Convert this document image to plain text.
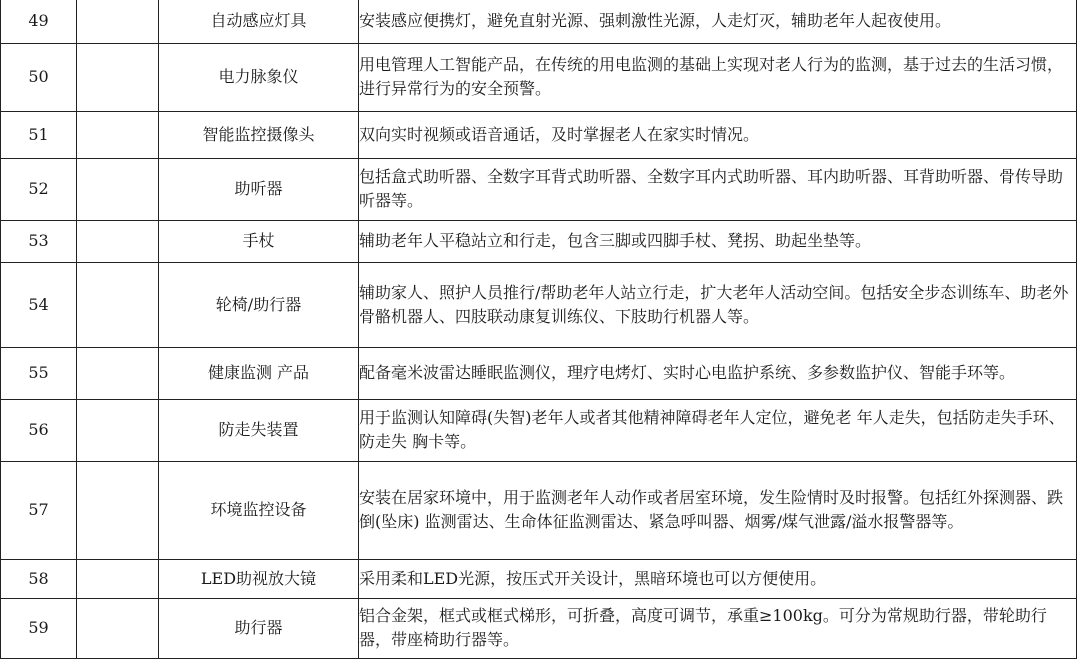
49		自动感应灯具	安装感应便携灯，避免直射光源、强刺激性光源，人走灯灭，辅助老年人起夜使用。
50		电力脉象仪	用电管理人工智能产品，在传统的用电监测的基础上实现对老人行为的监测，基于过去的生活习惯，进行异常行为的安全预警。
51		智能监控摄像头	双向实时视频或语音通话，及时掌握老人在家实时情况。
52		助听器	包括盒式助听器、全数字耳背式助听器、全数字耳内式助听器、耳内助听器、耳背助听器、骨传导助听器等。
53		手杖	辅助老年人平稳站立和行走，包含三脚或四脚手杖、凳拐、助起坐垫等。
54		轮椅/助行器	辅助家人、照护人员推行/帮助老年人站立行走，扩大老年人活动空间。包括安全步态训练车、助老外骨骼机器人、四肢联动康复训练仪、下肢助行机器人等。
55		健康监测 产品	配备毫米波雷达睡眠监测仪，理疗电烤灯、实时心电监护系统、多参数监护仪、智能手环等。
56		防走失装置	用于监测认知障碍(失智)老年人或者其他精神障碍老年人定位，避免老 年人走失，包括防走失手环、防走失 胸卡等。
57		环境监控设备	安装在居家环境中，用于监测老年人动作或者居室环境，发生险情时及时报警。包括红外探测器、跌倒(坠床) 监测雷达、生命体征监测雷达、紧急呼叫器、烟雾/煤气泄露/溢水报警器等。
58		LED助视放大镜	采用柔和LED光源，按压式开关设计，黑暗环境也可以方便使用。
59		助行器	铝合金架，框式或框式梯形，可折叠，高度可调节，承重≥100kg。可分为常规助行器，带轮助行器，带座椅助行器等。
